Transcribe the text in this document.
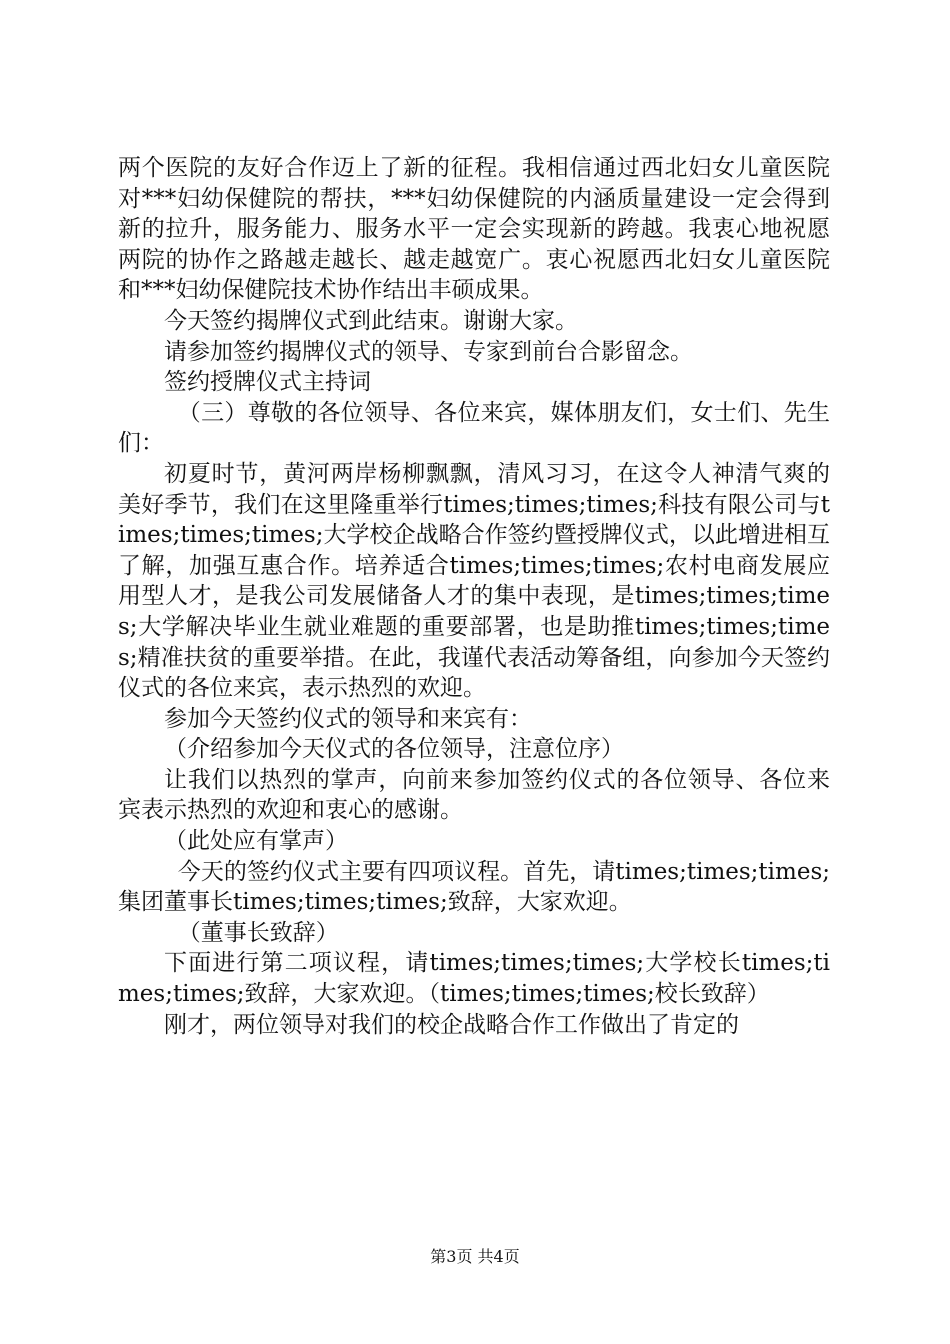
两个医院的友好合作迈上了新的征程。我相信通过西北妇女儿童医院对***妇幼保健院的帮扶，***妇幼保健院的内涵质量建设一定会得到新的拉升，服务能力、服务水平一定会实现新的跨越。我衷心地祝愿两院的协作之路越走越长、越走越宽广。衷心祝愿西北妇女儿童医院和***妇幼保健院技术协作结出丰硕成果。

今天签约揭牌仪式到此结束。谢谢大家。

请参加签约揭牌仪式的领导、专家到前台合影留念。

签约授牌仪式主持词

（三）尊敬的各位领导、各位来宾，媒体朋友们，女士们、先生们：

初夏时节，黄河两岸杨柳飘飘，清风习习，在这令人神清气爽的美好季节，我们在这里隆重举行times;times;times;科技有限公司与times;times;times;大学校企战略合作签约暨授牌仪式，以此增进相互了解，加强互惠合作。培养适合times;times;times;农村电商发展应用型人才，是我公司发展储备人才的集中表现，是times;times;times;大学解决毕业生就业难题的重要部署，也是助推times;times;times;精准扶贫的重要举措。在此，我谨代表活动筹备组，向参加今天签约仪式的各位来宾，表示热烈的欢迎。

参加今天签约仪式的领导和来宾有：

（介绍参加今天仪式的各位领导，注意位序）

让我们以热烈的掌声，向前来参加签约仪式的各位领导、各位来宾表示热烈的欢迎和衷心的感谢。

（此处应有掌声）

今天的签约仪式主要有四项议程。首先，请times;times;times;集团董事长times;times;times;致辞，大家欢迎。

（董事长致辞）

下面进行第二项议程，请times;times;times;大学校长times;times;times;致辞，大家欢迎。（times;times;times;校长致辞）

刚才，两位领导对我们的校企战略合作工作做出了肯定的

第3页 共4页
